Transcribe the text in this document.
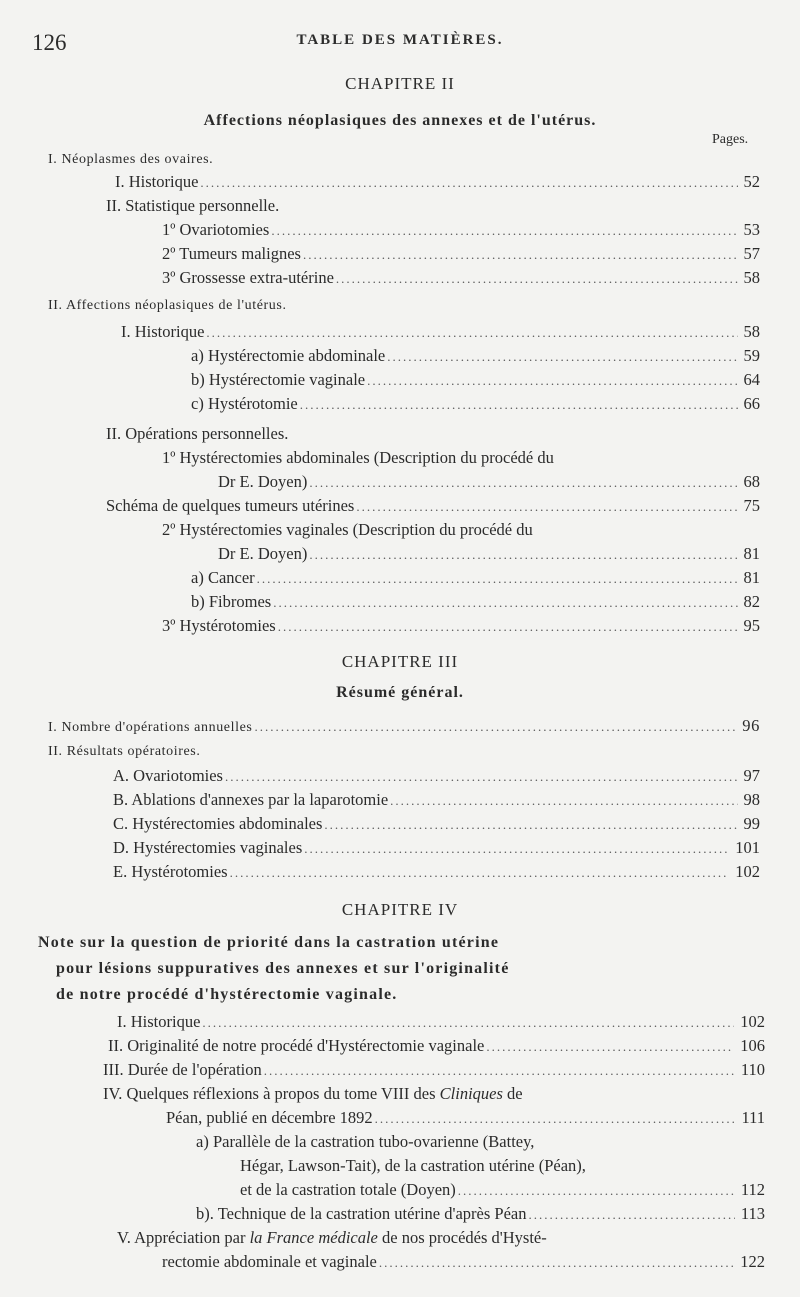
126	TABLE DES MATIÈRES.
CHAPITRE II
Affections néoplasiques des annexes et de l'utérus.
Pages.
I. Néoplasmes des ovaires.
I. Historique .....	52
II. Statistique personnelle.
1º Ovariotomies .....	53
2º Tumeurs malignes .....	57
3º Grossesse extra-utérine .....	58
II. Affections néoplasiques de l'utérus.
I. Historique .....	58
a) Hystérectomie abdominale .....	59
b) Hystérectomie vaginale .....	64
c) Hystérotomie .....	66
II. Opérations personnelles.
1º Hystérectomies abdominales (Description du procédé du
Dr E. Doyen) .....	68
Schéma de quelques tumeurs utérines .....	75
2º Hystérectomies vaginales (Description du procédé du
Dr E. Doyen) .....	81
a) Cancer .....	81
b) Fibromes .....	82
3º Hystérotomies .....	95
CHAPITRE III
Résumé général.
I. Nombre d'opérations annuelles .....	96
II. Résultats opératoires.
A. Ovariotomies .....	97
B. Ablations d'annexes par la laparotomie .....	98
C. Hystérectomies abdominales .....	99
D. Hystérectomies vaginales .....	101
E. Hystérotomies .....	102
CHAPITRE IV
Note sur la question de priorité dans la castration utérine
pour lésions suppuratives des annexes et sur l'originalité
de notre procédé d'hystérectomie vaginale.
I. Historique .....	102
II. Originalité de notre procédé d'Hystérectomie vaginale .....	106
III. Durée de l'opération .....	110
IV. Quelques réflexions à propos du tome VIII des Cliniques de
Péan, publié en décembre 1892 .....	111
a) Parallèle de la castration tubo-ovarienne (Battey,
Hégar, Lawson-Tait), de la castration utérine (Péan),
et de la castration totale (Doyen) .....	112
b). Technique de la castration utérine d'après Péan .....	113
V. Appréciation par la France médicale de nos procédés d'Hysté-
rectomie abdominale et vaginale .....	122
